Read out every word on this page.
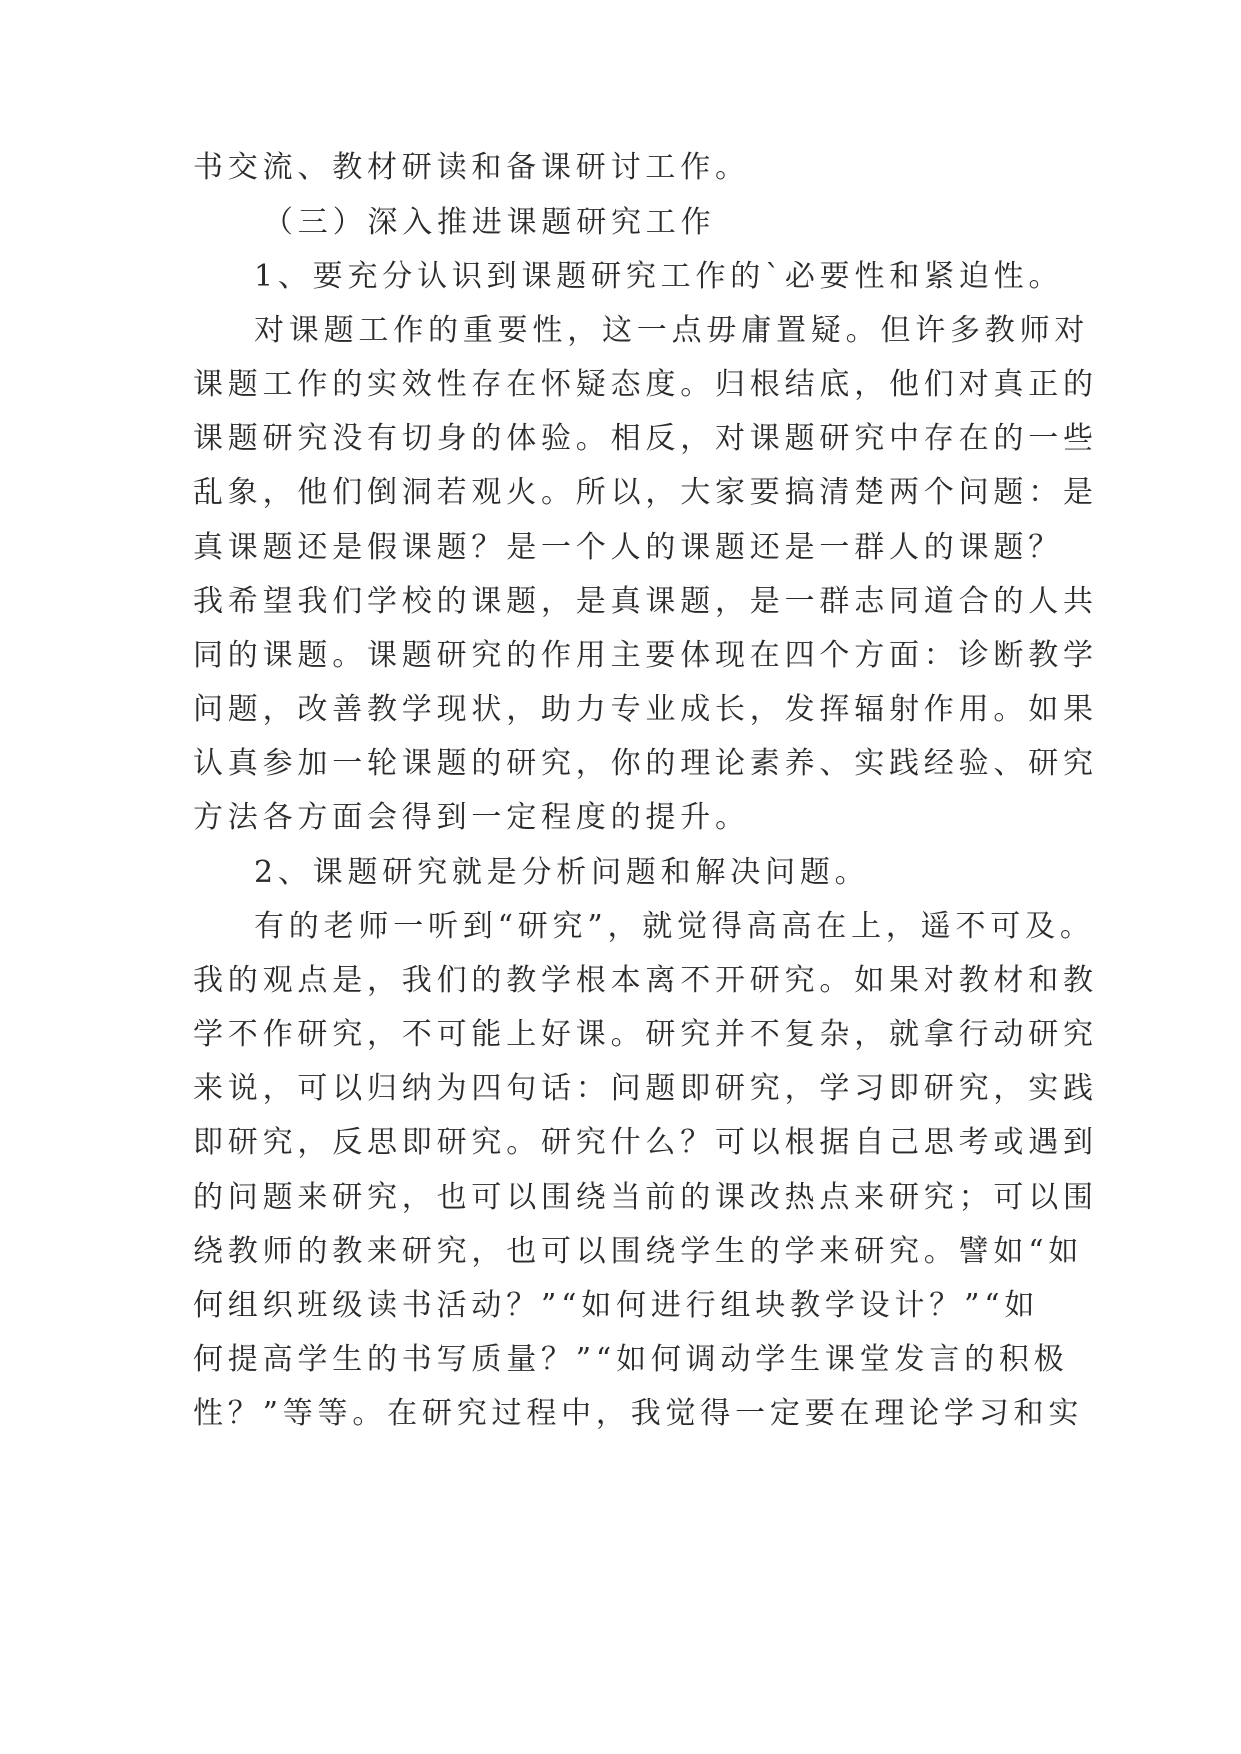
书交流、教材研读和备课研讨工作。
（三）深入推进课题研究工作
1、要充分认识到课题研究工作的`必要性和紧迫性。
对课题工作的重要性，这一点毋庸置疑。但许多教师对
课题工作的实效性存在怀疑态度。归根结底，他们对真正的
课题研究没有切身的体验。相反，对课题研究中存在的一些
乱象，他们倒洞若观火。所以，大家要搞清楚两个问题：是
真课题还是假课题？是一个人的课题还是一群人的课题？
我希望我们学校的课题，是真课题，是一群志同道合的人共
同的课题。课题研究的作用主要体现在四个方面：诊断教学
问题，改善教学现状，助力专业成长，发挥辐射作用。如果
认真参加一轮课题的研究，你的理论素养、实践经验、研究
方法各方面会得到一定程度的提升。
2、课题研究就是分析问题和解决问题。
有的老师一听到“研究”，就觉得高高在上，遥不可及。
我的观点是，我们的教学根本离不开研究。如果对教材和教
学不作研究，不可能上好课。研究并不复杂，就拿行动研究
来说，可以归纳为四句话：问题即研究，学习即研究，实践
即研究，反思即研究。研究什么？可以根据自己思考或遇到
的问题来研究，也可以围绕当前的课改热点来研究；可以围
绕教师的教来研究，也可以围绕学生的学来研究。譬如“如
何组织班级读书活动？”“如何进行组块教学设计？”“如
何提高学生的书写质量？”“如何调动学生课堂发言的积极
性？”等等。在研究过程中，我觉得一定要在理论学习和实
